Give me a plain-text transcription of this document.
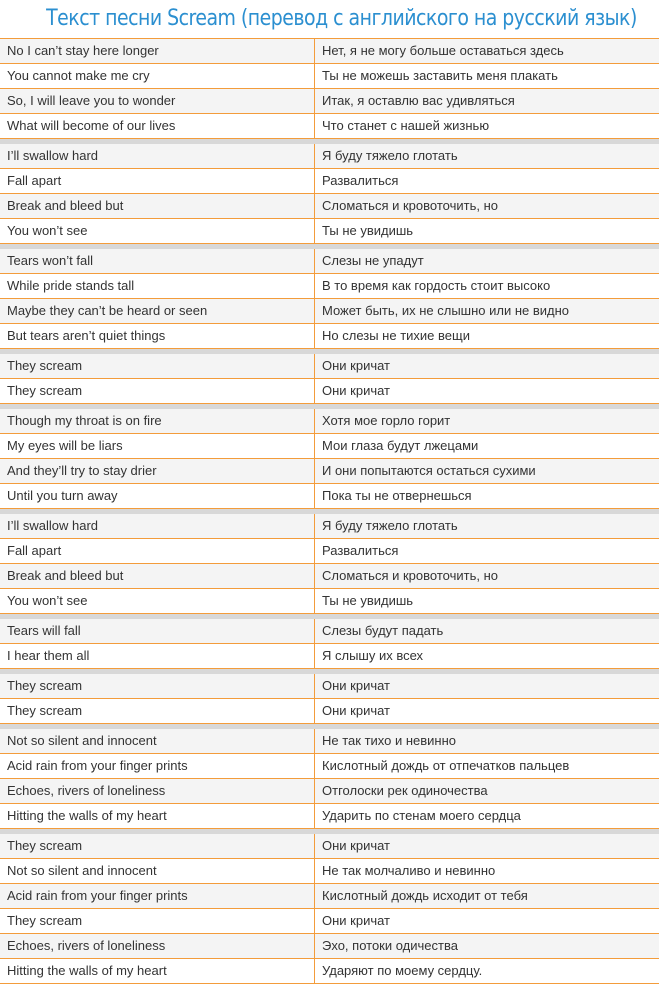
Текст песни Scream (перевод с английского на русский язык)
No I can’t stay here longer	Нет, я не могу больше оставаться здесь
You cannot make me cry	Ты не можешь заставить меня плакать
So, I will leave you to wonder	Итак, я оставлю вас удивляться
What will become of our lives	Что станет с нашей жизнью
I’ll swallow hard	Я буду тяжело глотать
Fall apart	Развалиться
Break and bleed but	Сломаться и кровоточить, но
You won’t see	Ты не увидишь
Tears won’t fall	Слезы не упадут
While pride stands tall	В то время как гордость стоит высоко
Maybe they can’t be heard or seen	Может быть, их не слышно или не видно
But tears aren’t quiet things	Но слезы не тихие вещи
They scream	Они кричат
They scream	Они кричат
Though my throat is on fire	Хотя мое горло горит
My eyes will be liars	Мои глаза будут лжецами
And they’ll try to stay drier	И они попытаются остаться сухими
Until you turn away	Пока ты не отвернешься
I’ll swallow hard	Я буду тяжело глотать
Fall apart	Развалиться
Break and bleed but	Сломаться и кровоточить, но
You won’t see	Ты не увидишь
Tears will fall	Слезы будут падать
I hear them all	Я слышу их всех
They scream	Они кричат
They scream	Они кричат
Not so silent and innocent	Не так тихо и невинно
Acid rain from your finger prints	Кислотный дождь от отпечатков пальцев
Echoes, rivers of loneliness	Отголоски рек одиночества
Hitting the walls of my heart	Ударить по стенам моего сердца
They scream	Они кричат
Not so silent and innocent	Не так молчаливо и невинно
Acid rain from your finger prints	Кислотный дождь исходит от тебя
They scream	Они кричат
Echoes, rivers of loneliness	Эхо, потоки одичества
Hitting the walls of my heart	Ударяют по моему сердцу.
